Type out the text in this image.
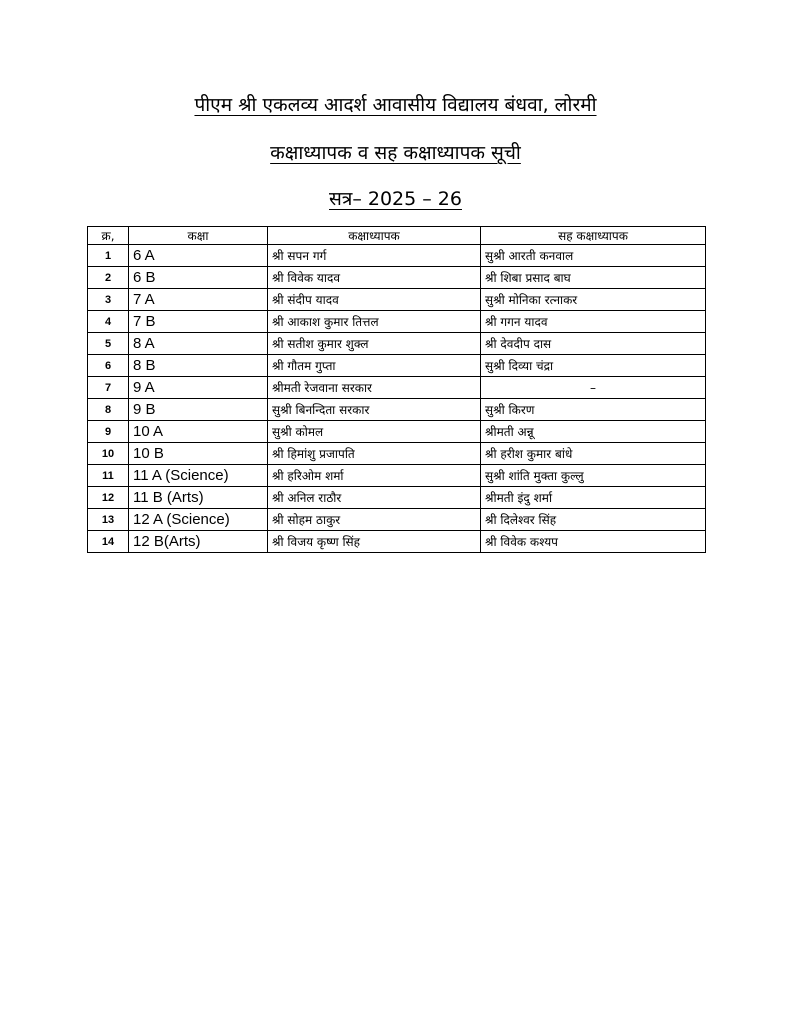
पीएम श्री एकलव्य आदर्श आवासीय विद्यालय बंधवा, लोरमी
कक्षाध्यापक व सह कक्षाध्यापक सूची
सत्र– 2025 – 26
क्र,	कक्षा	कक्षाध्यापक	सह कक्षाध्यापक
1	6 A	श्री सपन गर्ग	सुश्री आरती कनवाल
2	6 B	श्री विवेक यादव	श्री शिबा प्रसाद बाघ
3	7 A	श्री संदीप यादव	सुश्री मोनिका रत्नाकर
4	7 B	श्री आकाश कुमार तित्तल	श्री गगन यादव
5	8 A	श्री सतीश कुमार शुक्ल	श्री देवदीप दास
6	8 B	श्री गौतम गुप्ता	सुश्री दिव्या चंद्रा
7	9 A	श्रीमती रेजवाना सरकार	–
8	9 B	सुश्री बिनन्दिता सरकार	सुश्री किरण
9	10 A	सुश्री कोमल	श्रीमती अन्नू
10	10 B	श्री हिमांशु प्रजापति	श्री हरीश कुमार बांधे
11	11 A (Science)	श्री हरिओम शर्मा	सुश्री शांति मुक्ता कुल्लु
12	11 B (Arts)	श्री अनिल राठौर	श्रीमती इंदु शर्मा
13	12 A (Science)	श्री सोहम ठाकुर	श्री दिलेश्वर सिंह
14	12 B(Arts)	श्री विजय कृष्ण सिंह	श्री विवेक कश्यप
